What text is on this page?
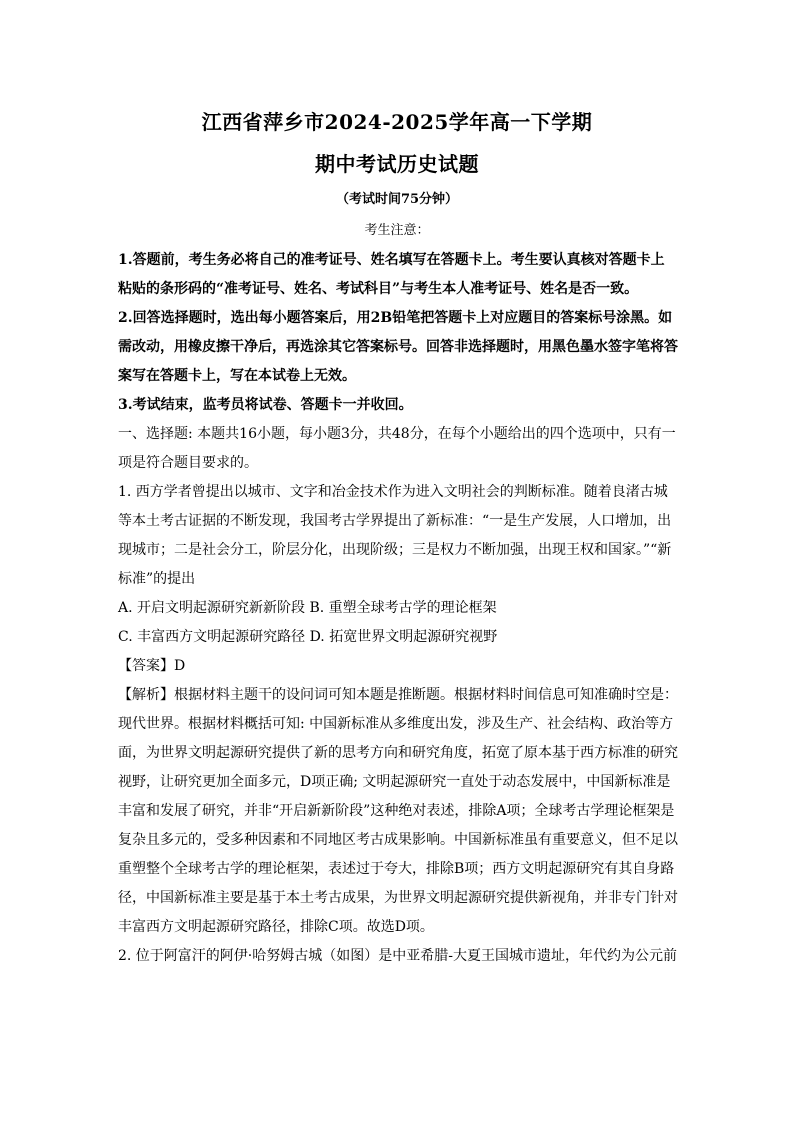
江西省萍乡市2024-2025学年高一下学期
期中考试历史试题
（考试时间75分钟）
考生注意：

1.答题前，考生务必将自己的准考证号、姓名填写在答题卡上。考生要认真核对答题卡上粘贴的条形码的“准考证号、姓名、考试科目”与考生本人准考证号、姓名是否一致。

2.回答选择题时，选出每小题答案后，用2B铅笔把答题卡上对应题目的答案标号涂黑。如需改动，用橡皮擦干净后，再选涂其它答案标号。回答非选择题时，用黑色墨水签字笔将答案写在答题卡上，写在本试卷上无效。

3.考试结束，监考员将试卷、答题卡一并收回。

一、选择题: 本题共16小题，每小题3分，共48分，在每个小题给出的四个选项中，只有一项是符合题目要求的。

1. 西方学者曾提出以城市、文字和冶金技术作为进入文明社会的判断标准。随着良渚古城等本土考古证据的不断发现，我国考古学界提出了新标准：“一是生产发展，人口增加，出现城市；二是社会分工，阶层分化，出现阶级；三是权力不断加强，出现王权和国家。”“新标准”的提出

A. 开启文明起源研究新新阶段 B. 重塑全球考古学的理论框架

C. 丰富西方文明起源研究路径 D. 拓宽世界文明起源研究视野

【答案】D

【解析】根据材料主题干的设问词可知本题是推断题。根据材料时间信息可知准确时空是：现代世界。根据材料概括可知: 中国新标准从多维度出发，涉及生产、社会结构、政治等方面，为世界文明起源研究提供了新的思考方向和研究角度，拓宽了原本基于西方标准的研究视野，让研究更加全面多元，D项正确; 文明起源研究一直处于动态发展中，中国新标准是丰富和发展了研究，并非“开启新新阶段”这种绝对表述，排除A项；全球考古学理论框架是复杂且多元的，受多种因素和不同地区考古成果影响。中国新标准虽有重要意义，但不足以重塑整个全球考古学的理论框架，表述过于夸大，排除B项；西方文明起源研究有其自身路径，中国新标准主要是基于本土考古成果，为世界文明起源研究提供新视角，并非专门针对丰富西方文明起源研究路径，排除C项。故选D项。

2. 位于阿富汗的阿伊·哈努姆古城（如图）是中亚希腊-大夏王国城市遗址，年代约为公元前
